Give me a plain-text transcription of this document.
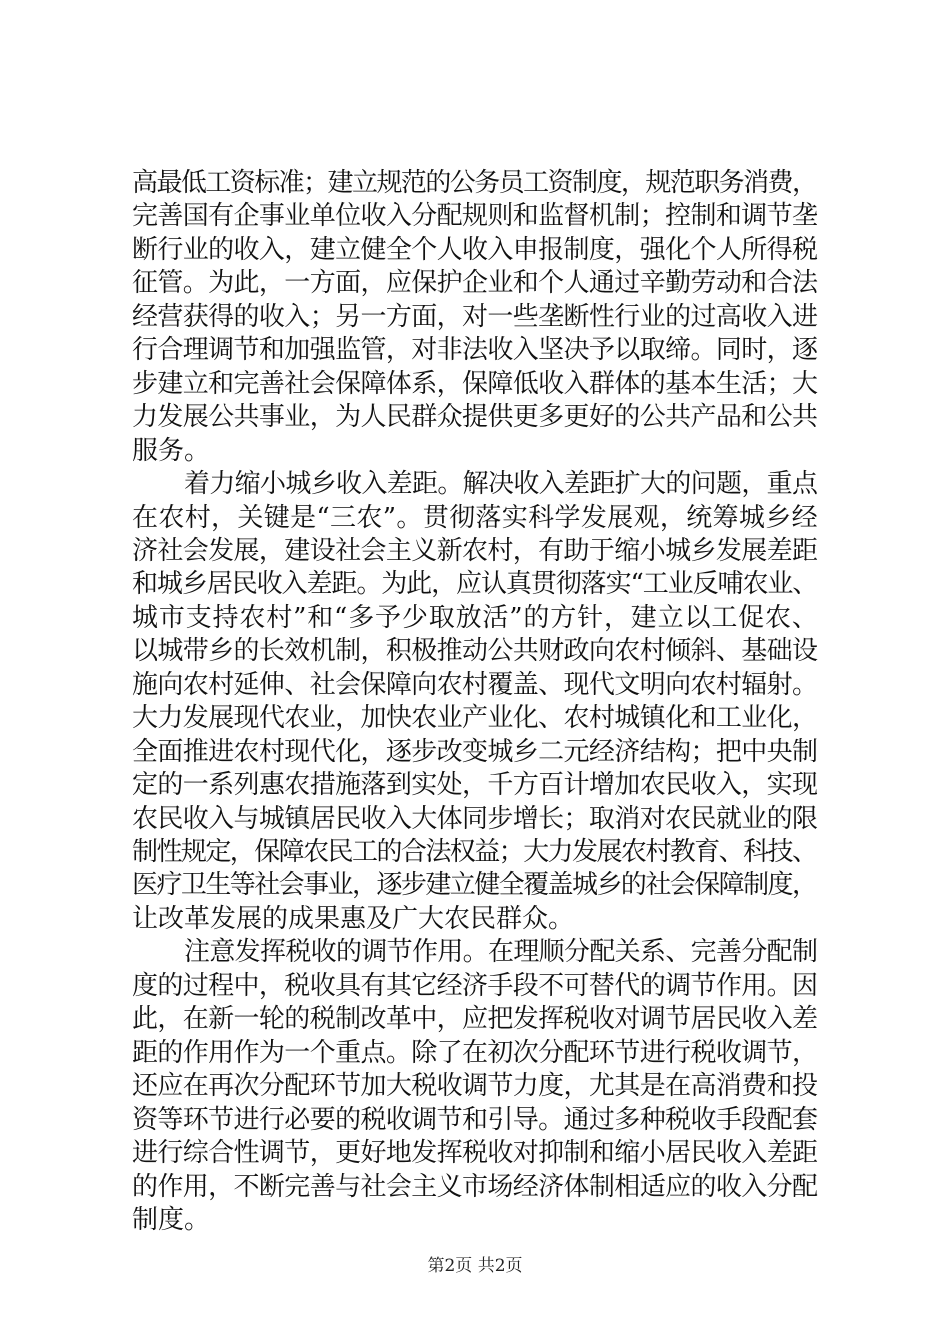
高最低工资标准；建立规范的公务员工资制度，规范职务消费，
完善国有企事业单位收入分配规则和监督机制；控制和调节垄
断行业的收入，建立健全个人收入申报制度，强化个人所得税
征管。为此，一方面，应保护企业和个人通过辛勤劳动和合法
经营获得的收入；另一方面，对一些垄断性行业的过高收入进
行合理调节和加强监管，对非法收入坚决予以取缔。同时，逐
步建立和完善社会保障体系，保障低收入群体的基本生活；大
力发展公共事业，为人民群众提供更多更好的公共产品和公共
服务。
着力缩小城乡收入差距。解决收入差距扩大的问题，重点
在农村，关键是“三农”。贯彻落实科学发展观，统筹城乡经
济社会发展，建设社会主义新农村，有助于缩小城乡发展差距
和城乡居民收入差距。为此，应认真贯彻落实“工业反哺农业、
城市支持农村”和“多予少取放活”的方针，建立以工促农、
以城带乡的长效机制，积极推动公共财政向农村倾斜、基础设
施向农村延伸、社会保障向农村覆盖、现代文明向农村辐射。
大力发展现代农业，加快农业产业化、农村城镇化和工业化，
全面推进农村现代化，逐步改变城乡二元经济结构；把中央制
定的一系列惠农措施落到实处，千方百计增加农民收入，实现
农民收入与城镇居民收入大体同步增长；取消对农民就业的限
制性规定，保障农民工的合法权益；大力发展农村教育、科技、
医疗卫生等社会事业，逐步建立健全覆盖城乡的社会保障制度，
让改革发展的成果惠及广大农民群众。
注意发挥税收的调节作用。在理顺分配关系、完善分配制
度的过程中，税收具有其它经济手段不可替代的调节作用。因
此，在新一轮的税制改革中，应把发挥税收对调节居民收入差
距的作用作为一个重点。除了在初次分配环节进行税收调节，
还应在再次分配环节加大税收调节力度，尤其是在高消费和投
资等环节进行必要的税收调节和引导。通过多种税收手段配套
进行综合性调节，更好地发挥税收对抑制和缩小居民收入差距
的作用，不断完善与社会主义市场经济体制相适应的收入分配
制度。
第2页 共2页
